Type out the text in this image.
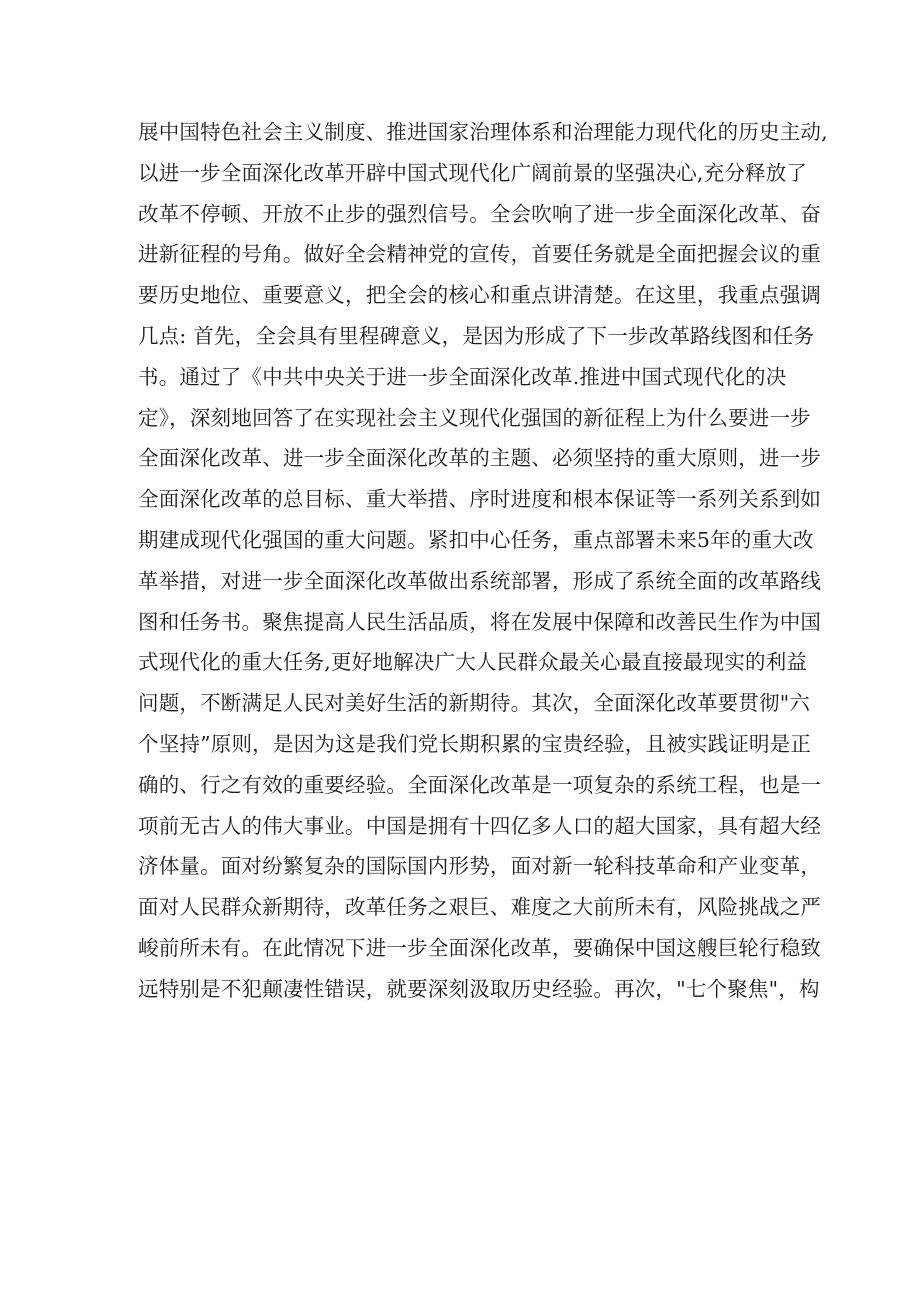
展中国特色社会主义制度、推进国家治理体系和治理能力现代化的历史主动,
以进一步全面深化改革开辟中国式现代化广阔前景的坚强决心,充分释放了
改革不停顿、开放不止步的强烈信号。全会吹响了进一步全面深化改革、奋
进新征程的号角。做好全会精神党的宣传，首要任务就是全面把握会议的重
要历史地位、重要意义，把全会的核心和重点讲清楚。在这里，我重点强调
几点: 首先，全会具有里程碑意义，是因为形成了下一步改革路线图和任务
书。通过了《中共中央关于进一步全面深化改革.推进中国式现代化的决
定》，深刻地回答了在实现社会主义现代化强国的新征程上为什么要进一步
全面深化改革、进一步全面深化改革的主题、必须坚持的重大原则，进一步
全面深化改革的总目标、重大举措、序时进度和根本保证等一系列关系到如
期建成现代化强国的重大问题。紧扣中心任务，重点部署未来5年的重大改
革举措，对进一步全面深化改革做出系统部署，形成了系统全面的改革路线
图和任务书。聚焦提高人民生活品质，将在发展中保障和改善民生作为中国
式现代化的重大任务,更好地解决广大人民群众最关心最直接最现实的利益
问题，不断满足人民对美好生活的新期待。其次，全面深化改革要贯彻"六
个坚持”原则，是因为这是我们党长期积累的宝贵经验，且被实践证明是正
确的、行之有效的重要经验。全面深化改革是一项复杂的系统工程，也是一
项前无古人的伟大事业。中国是拥有十四亿多人口的超大国家，具有超大经
济体量。面对纷繁复杂的国际国内形势，面对新一轮科技革命和产业变革，
面对人民群众新期待，改革任务之艰巨、难度之大前所未有，风险挑战之严
峻前所未有。在此情况下进一步全面深化改革，要确保中国这艘巨轮行稳致
远特别是不犯颠凄性错误，就要深刻汲取历史经验。再次，"七个聚焦"，构
